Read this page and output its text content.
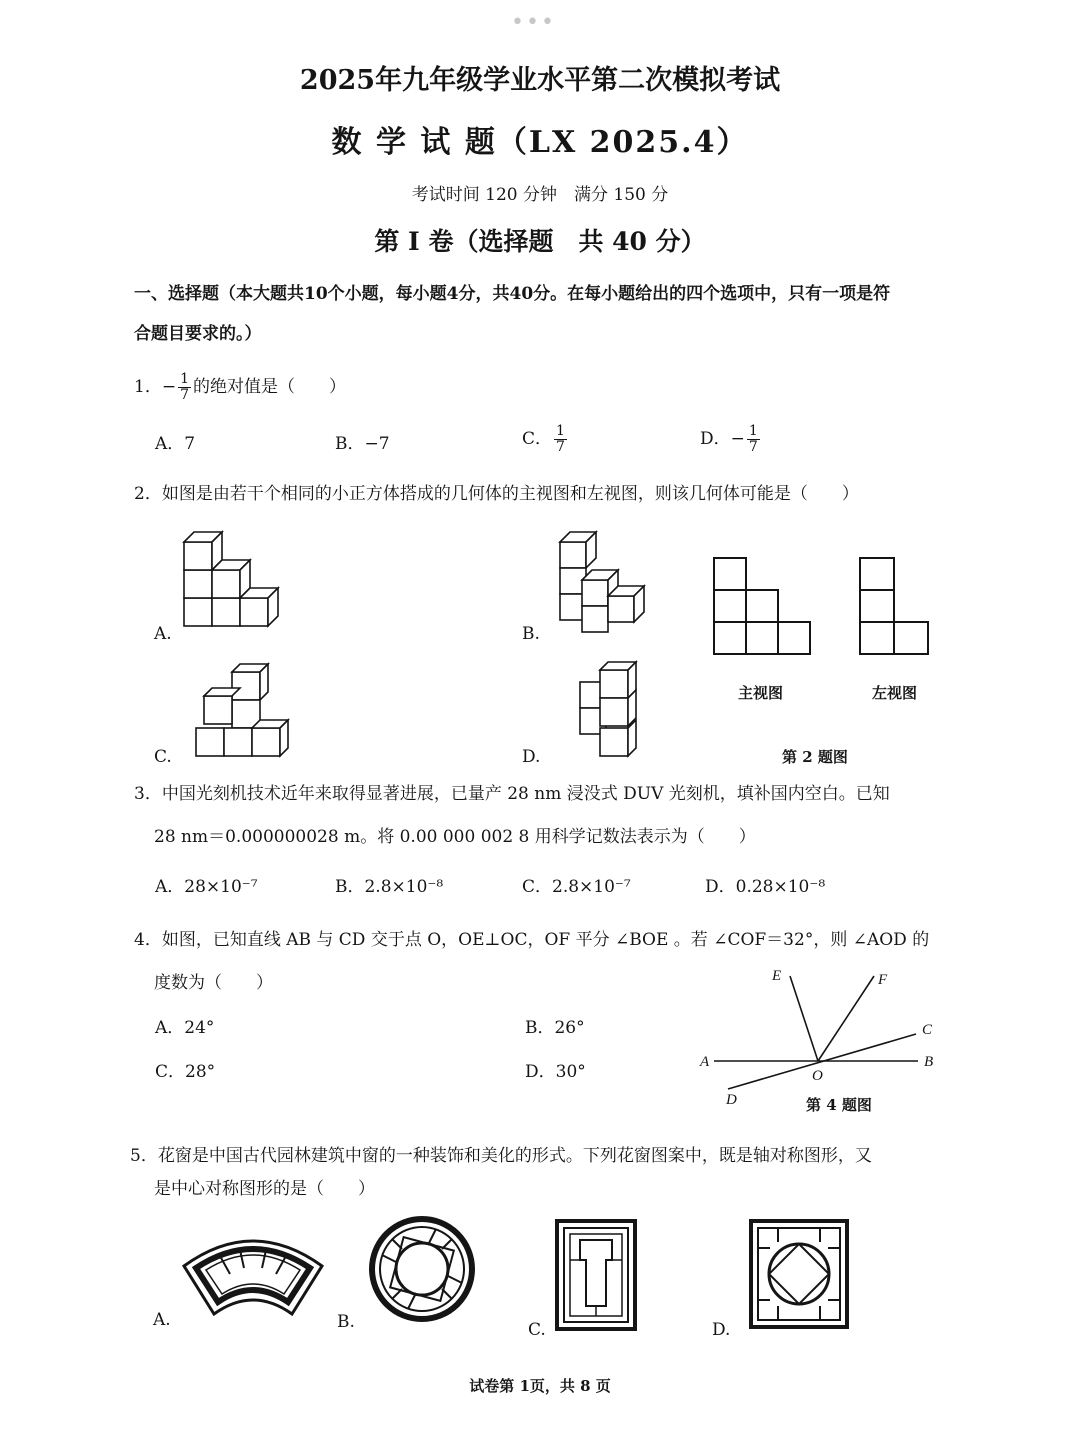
•••
2025年九年级学业水平第二次模拟考试
数 学 试 题（LX 2025.4）
考试时间 120 分钟　满分 150 分
第 I 卷（选择题　共 40 分）
一、选择题（本大题共10个小题，每小题4分，共40分。在每小题给出的四个选项中，只有一项是符
合题目要求的。）
1．− $\frac{1}{7}$ 的绝对值是（　　）
A．7	B．−7	C． $\frac{1}{7}$	D．− $\frac{1}{7}$
2．如图是由若干个相同的小正方体搭成的几何体的主视图和左视图，则该几何体可能是（　　）
A.	B.
C.	D.
主视图	左视图
第 2 题图
3．中国光刻机技术近年来取得显著进展，已量产 28 nm 浸没式 DUV 光刻机，填补国内空白。已知
28 nm＝0.000000028 m。将 0.00 000 002 8 用科学记数法表示为（　　）
A．28×10⁻⁷	B．2.8×10⁻⁸	C．2.8×10⁻⁷	D．0.28×10⁻⁸
4．如图，已知直线 AB 与 CD 交于点 O，OE⊥OC，OF 平分 ∠BOE 。若 ∠COF＝32°，则 ∠AOD 的
度数为（　　）
A．24°	B．26°
C．28°	D．30°	A	B
C
D
E	F
O
第 4 题图
5．花窗是中国古代园林建筑中窗的一种装饰和美化的形式。下列花窗图案中，既是轴对称图形，又
是中心对称图形的是（　　）
A.	B.	C.	D.
试卷第 1页，共 8 页
